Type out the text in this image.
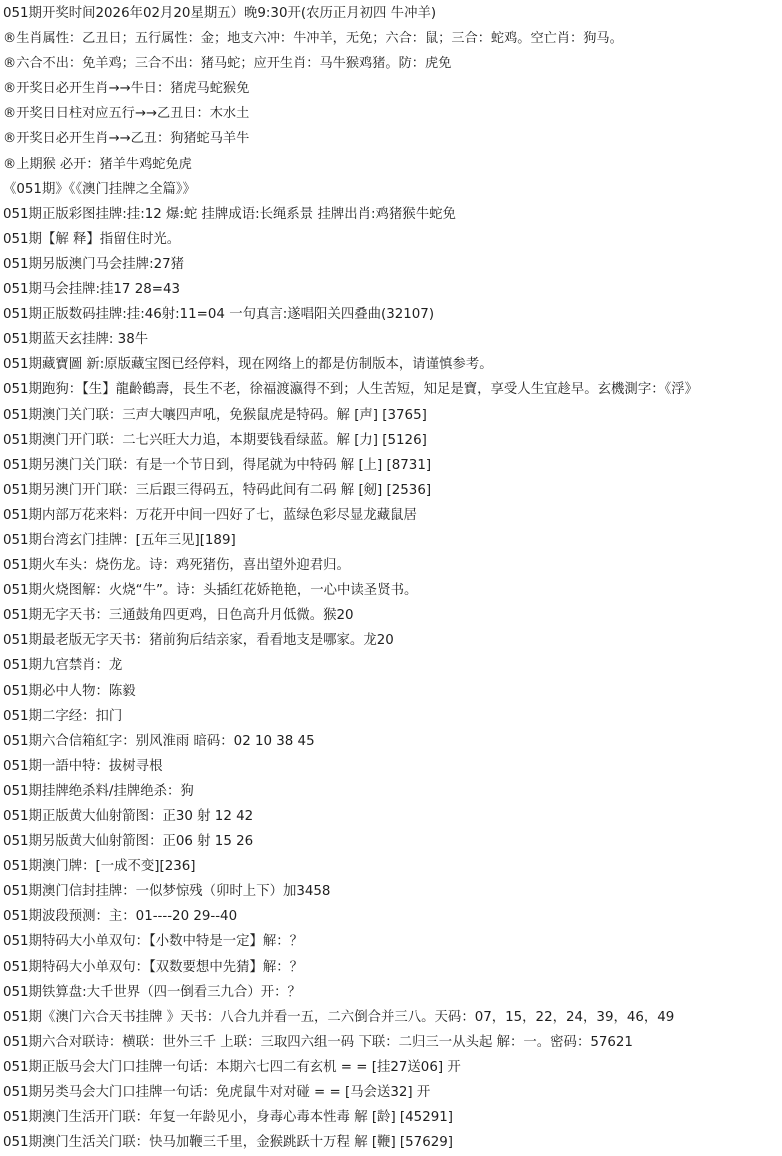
051期开奖时间2026年02月20星期五）晚9:30开(农历正月初四 牛冲羊)
®生肖属性：乙丑日；五行属性：金；地支六冲：牛冲羊，无免；六合：鼠；三合：蛇鸡。空亡肖：狗马。
®六合不出：免羊鸡；三合不出：猪马蛇；应开生肖：马牛猴鸡猪。防：虎免
®开奖日必开生肖→→牛日：猪虎马蛇猴免
®开奖日日柱对应五行→→乙丑日：木水土
®开奖日必开生肖→→乙丑：狗猪蛇马羊牛
®上期猴 必开：猪羊牛鸡蛇免虎
《051期》《《澳门挂牌之全篇》》
051期正版彩图挂牌:挂:12 爆:蛇 挂牌成语:长绳系景 挂牌出肖:鸡猪猴牛蛇免
051期【解 释】指留住时光。
051期另版澳门马会挂牌:27猪
051期马会挂牌:挂17 28=43
051期正版数码挂牌:挂:46射:11=04 一句真言:遂唱阳关四叠曲(32107)
051期蓝天玄挂牌: 38牛
051期藏寶圖 新:原版藏宝图已经停料，现在网络上的都是仿制版本，请谨慎参考。
051期跑狗：【生】龍齡鶴壽，長生不老，徐福渡瀛得不到；人生苦短，知足是寶，享受人生宜趁早。玄機測字：《浮》
051期澳门关门联：三声大嚷四声吼，免猴鼠虎是特码。解 [声] [3765]
051期澳门开门联：二七兴旺大力追，本期要钱看绿蓝。解 [力] [5126]
051期另澳门关门联：有是一个节日到，得尾就为中特码 解 [上] [8731]
051期另澳门开门联：三后跟三得码五，特码此间有二码 解 [剱] [2536]
051期内部万花来料：万花开中间一四好了七，蓝绿色彩尽显龙藏鼠居
051期台湾玄门挂牌：[五年三见][189]
051期火车头：烧伤龙。诗：鸡死猪伤，喜出望外迎君归。
051期火烧图解：火烧“牛”。诗：头插红花娇艳艳，一心中读圣贤书。
051期无字天书：三通鼓角四更鸡，日色高升月低微。猴20
051期最老版无字天书：猪前狗后结亲家，看看地支是哪家。龙20
051期九宫禁肖：龙
051期必中人物：陈毅
051期二字经：扣门
051期六合信箱紅字：别风淮雨 暗码：02 10 38 45
051期一語中特：拔树寻根
051期挂牌绝杀料/挂牌绝杀：狗
051期正版黄大仙射箭图：正30 射 12 42
051期另版黄大仙射箭图：正06 射 15 26
051期澳门牌：[一成不变][236]
051期澳门信封挂牌：一似梦惊残（卯时上下）加3458
051期波段预测：主：01----20 29--40
051期特码大小单双句：【小数中特是一定】解：？
051期特码大小单双句：【双数要想中先猜】解：？
051期铁算盘:大千世界（四一倒看三九合）开：？
051期《澳门六合天书挂牌 》天书：八合九并看一五，二六倒合并三八。天码：07，15，22，24，39，46，49
051期六合对联诗：横联：世外三千 上联：三取四六组一码 下联：二归三一从头起 解：一。密码：57621
051期正版马会大门口挂牌一句话：本期六七四二有玄机 = = [挂27送06] 开
051期另类马会大门口挂牌一句话：免虎鼠牛对对碰 = = [马会送32] 开
051期澳门生活开门联：年复一年龄见小，身毒心毒本性毒 解 [龄] [45291]
051期澳门生活关门联：快马加鞭三千里，金猴跳跃十万程 解 [鞭] [57629]
